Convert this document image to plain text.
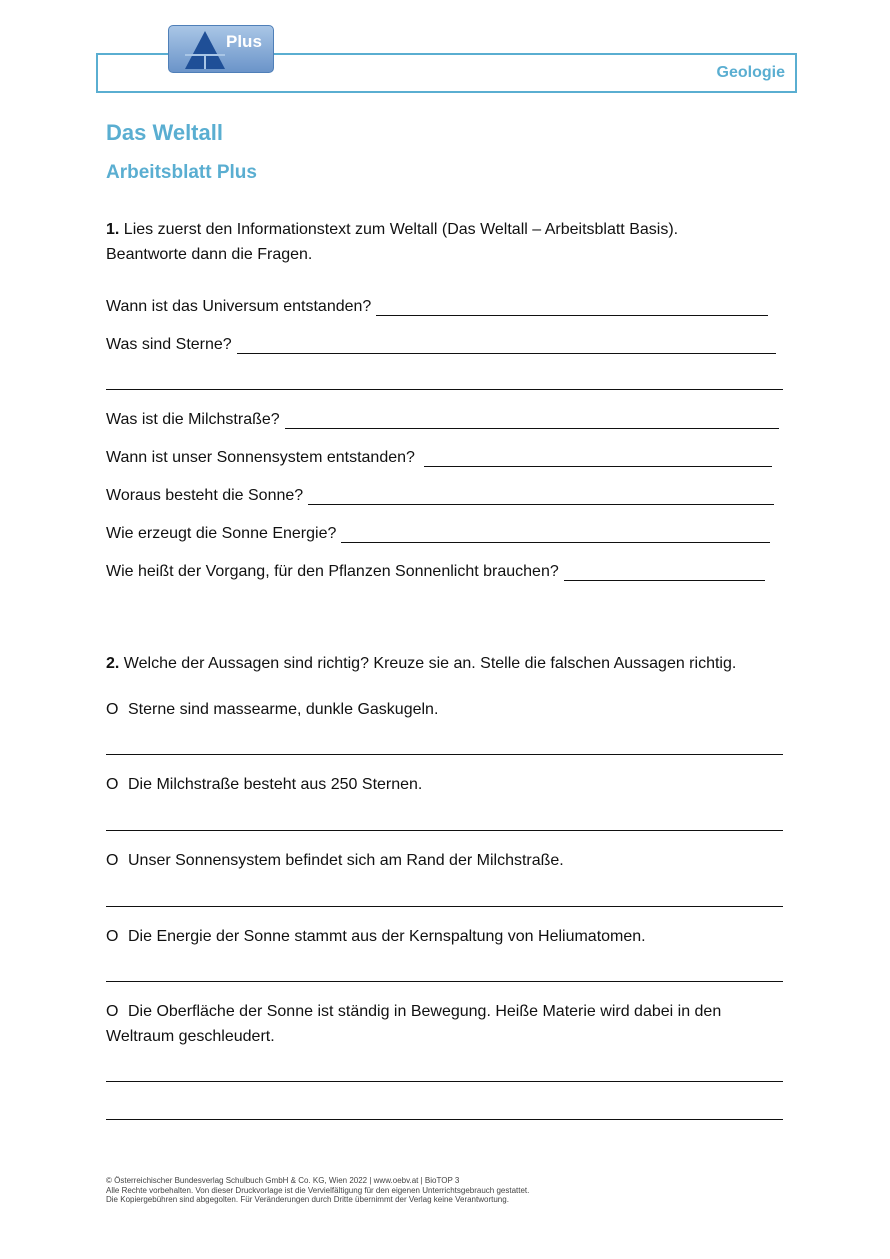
Geologie
Plus
Das Weltall
Arbeitsblatt Plus
1. Lies zuerst den Informationstext zum Weltall (Das Weltall – Arbeitsblatt Basis).
Beantworte dann die Fragen.
Wann ist das Universum entstanden?
Was sind Sterne?
Was ist die Milchstraße?
Wann ist unser Sonnensystem entstanden?
Woraus besteht die Sonne?
Wie erzeugt die Sonne Energie?
Wie heißt der Vorgang, für den Pflanzen Sonnenlicht brauchen?
2. Welche der Aussagen sind richtig? Kreuze sie an. Stelle die falschen Aussagen richtig.
O Sterne sind massearme, dunkle Gaskugeln.
O Die Milchstraße besteht aus 250 Sternen.
O Unser Sonnensystem befindet sich am Rand der Milchstraße.
O Die Energie der Sonne stammt aus der Kernspaltung von Heliumatomen.
O Die Oberfläche der Sonne ist ständig in Bewegung. Heiße Materie wird dabei in den
Weltraum geschleudert.
© Österreichischer Bundesverlag Schulbuch GmbH & Co. KG, Wien 2022 | www.oebv.at | BioTOP 3
Alle Rechte vorbehalten. Von dieser Druckvorlage ist die Vervielfältigung für den eigenen Unterrichtsgebrauch gestattet.
Die Kopiergebühren sind abgegolten. Für Veränderungen durch Dritte übernimmt der Verlag keine Verantwortung.
